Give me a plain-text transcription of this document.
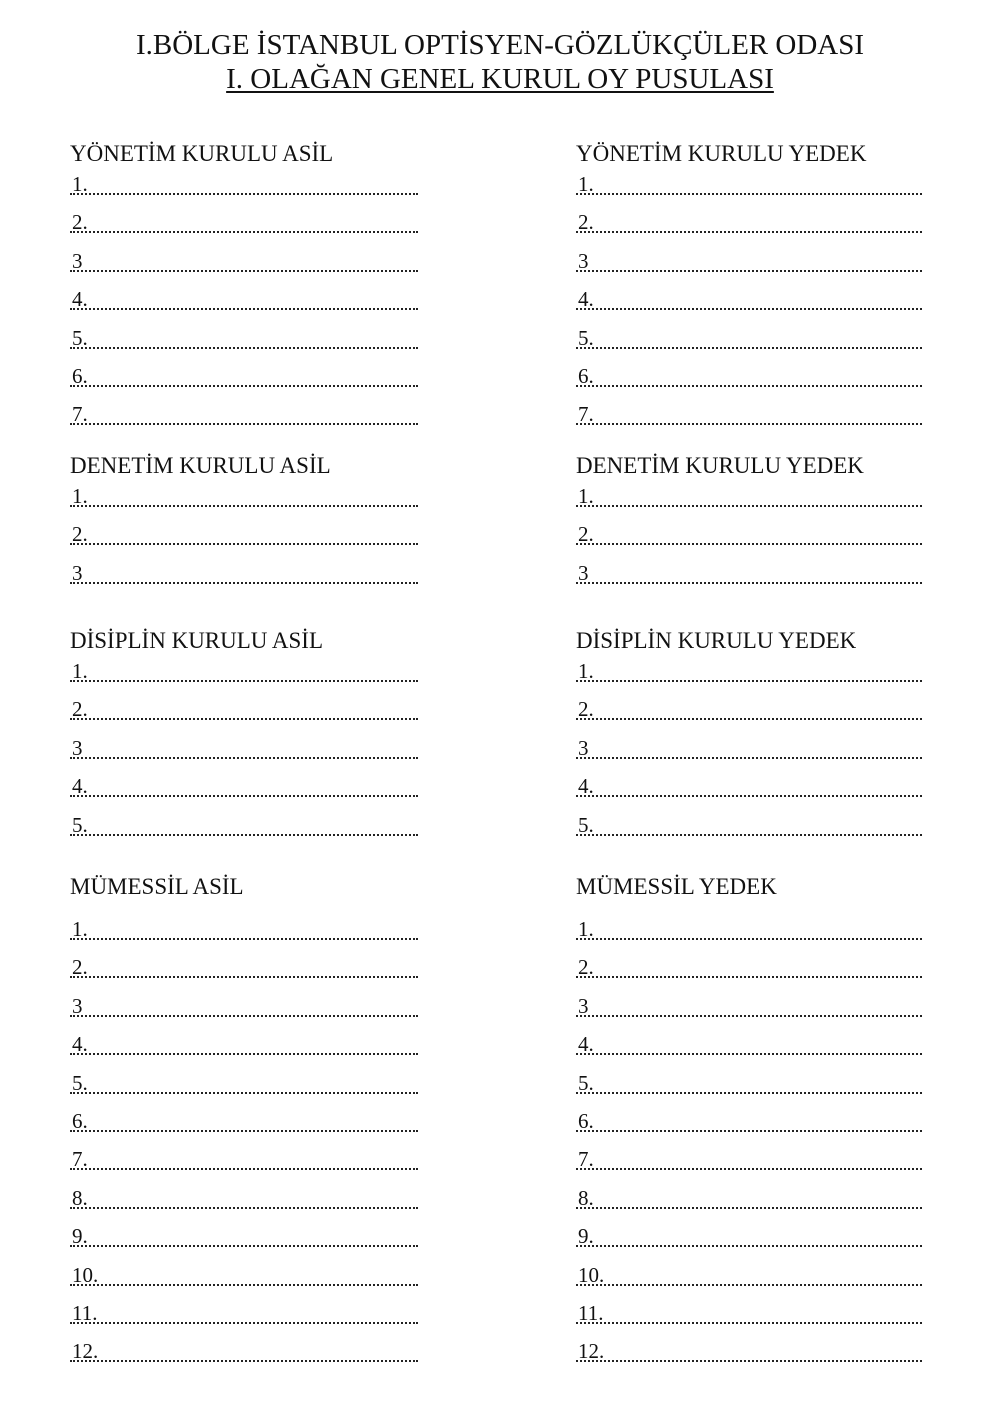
I.BÖLGE İSTANBUL OPTİSYEN-GÖZLÜKÇÜLER ODASI
I. OLAĞAN GENEL KURUL OY PUSULASI
YÖNETİM KURULU ASİL
1.
2.
3
4.
5.
6.
7.
YÖNETİM KURULU YEDEK
1.
2.
3
4.
5.
6.
7.
DENETİM KURULU ASİL
1.
2.
3
DENETİM KURULU YEDEK
1.
2.
3
DİSİPLİN KURULU ASİL
1.
2.
3
4.
5.
DİSİPLİN KURULU YEDEK
1.
2.
3
4.
5.
MÜMESSİL ASİL
1.
2.
3
4.
5.
6.
7.
8.
9.
10.
11.
12.
MÜMESSİL YEDEK
1.
2.
3
4.
5.
6.
7.
8.
9.
10.
11.
12.
